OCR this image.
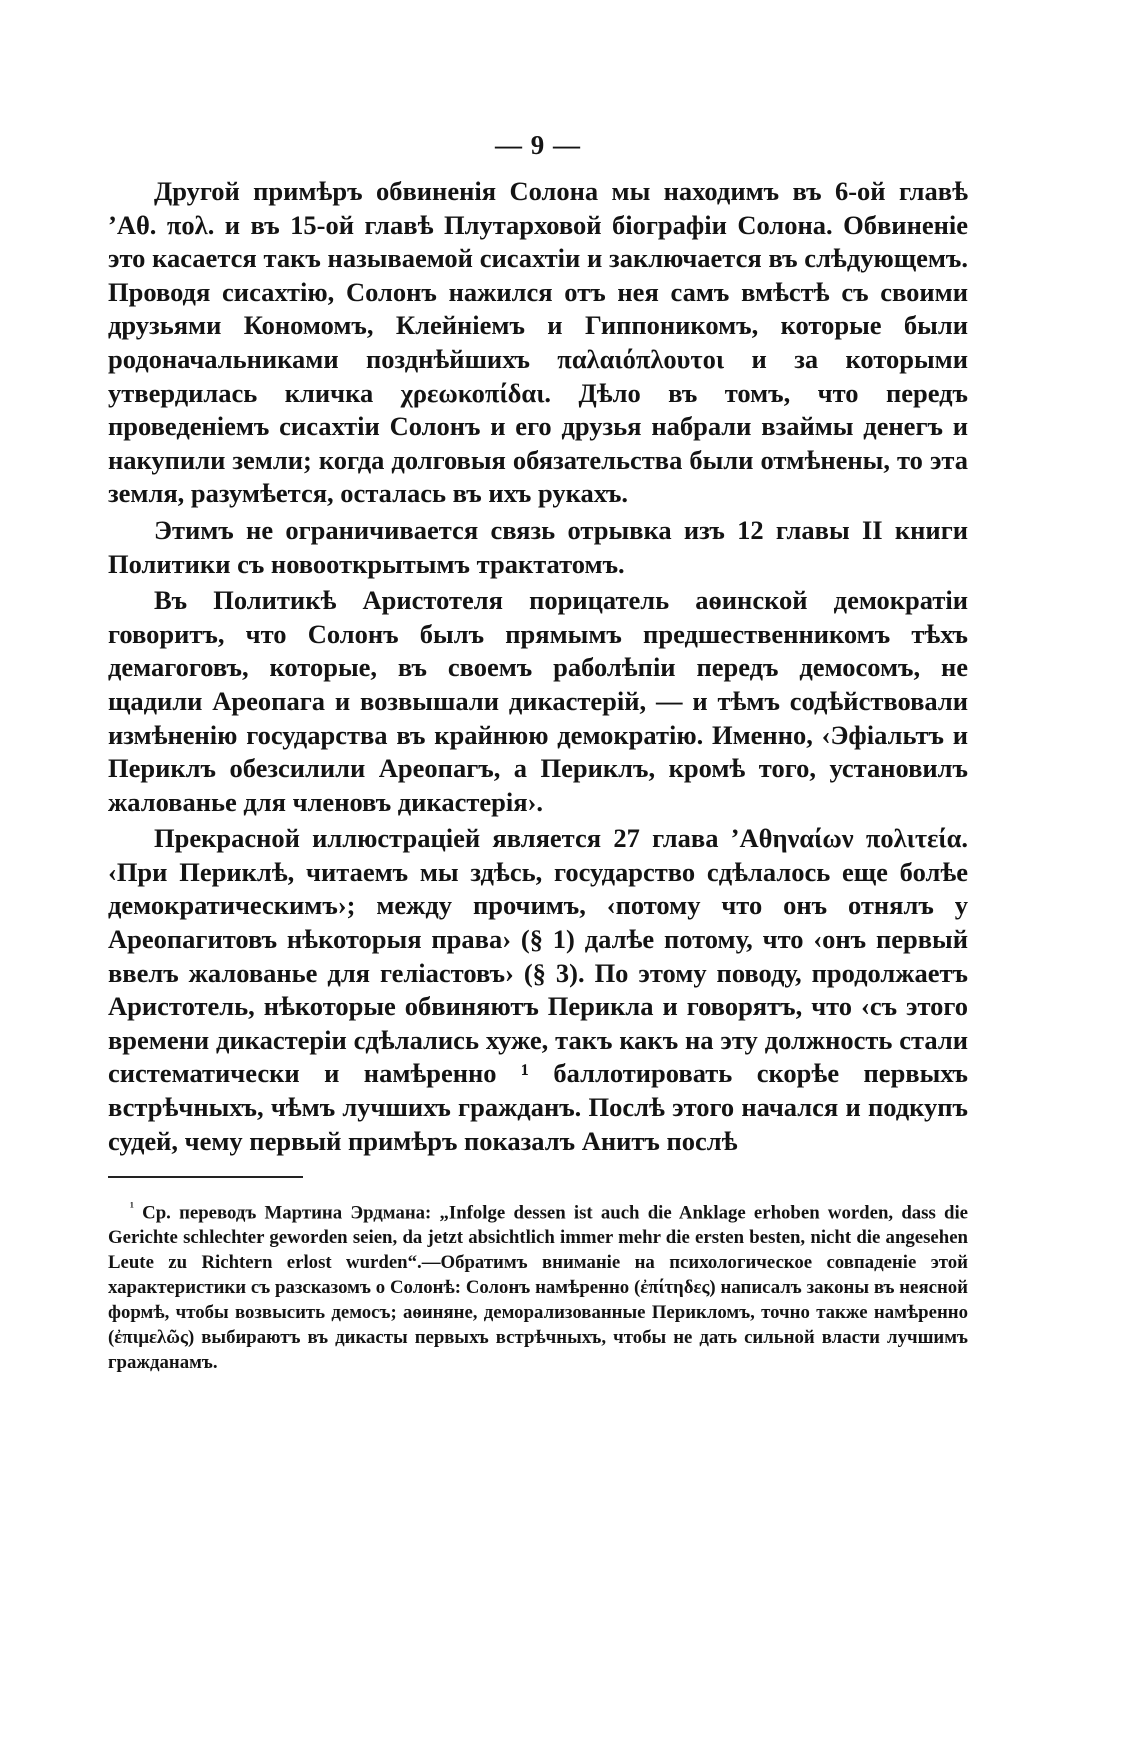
— 9 —

Другой примѣръ обвиненія Солона мы находимъ въ 6-ой главѣ ’Αθ. πολ. и въ 15-ой главѣ Плутарховой біографіи Солона. Обвиненіе это касается такъ называемой сисахтіи и заключается въ слѣдующемъ. Проводя сисахтію, Солонъ нажился отъ нея самъ вмѣстѣ съ своими друзьями Кономомъ, Клейніемъ и Гиппоникомъ, которые были родоначальниками позднѣйшихъ παλαιόπλουτοι и за которыми утвердилась кличка χρεωκοπίδαι. Дѣло въ томъ, что передъ проведеніемъ сисахтіи Солонъ и его друзья набрали взаймы денегъ и накупили земли; когда долговыя обязательства были отмѣнены, то эта земля, разумѣется, осталась въ ихъ рукахъ.

Этимъ не ограничивается связь отрывка изъ 12 главы II книги Политики съ новооткрытымъ трактатомъ.

Въ Политикѣ Аристотеля порицатель аѳинской демократіи говоритъ, что Солонъ былъ прямымъ предшественникомъ тѣхъ демагоговъ, которые, въ своемъ раболѣпіи передъ демосомъ, не щадили Ареопага и возвышали дикастерій, — и тѣмъ содѣйствовали измѣненію государства въ крайнюю демократію. Именно, ‹Эфіальтъ и Периклъ обезсилили Ареопагъ, а Периклъ, кромѣ того, установилъ жалованье для членовъ дикастерія›.

Прекрасной иллюстраціей является 27 глава ’Αθηναίων πολιτεία. ‹При Периклѣ, читаемъ мы здѣсь, государство сдѣлалось еще болѣе демократическимъ›; между прочимъ, ‹потому что онъ отнялъ у Ареопагитовъ нѣкоторыя права› (§ 1) далѣе потому, что ‹онъ первый ввелъ жалованье для геліастовъ› (§ 3). По этому поводу, продолжаетъ Аристотель, нѣкоторые обвиняютъ Перикла и говорятъ, что ‹съ этого времени дикастеріи сдѣлались хуже, такъ какъ на эту должность стали систематически и намѣренно ¹ баллотировать скорѣе первыхъ встрѣчныхъ, чѣмъ лучшихъ гражданъ. Послѣ этого начался и подкупъ судей, чему первый примѣръ показалъ Анитъ послѣ

$^{^1}$ Ср. переводъ Мартина Эрдмана: „Infolge dessen ist auch die Anklage erhoben worden, dass die Gerichte schlechter geworden seien, da jetzt absichtlich immer mehr die ersten besten, nicht die angesehen Leute zu Richtern erlost wurden“.—Обратимъ вниманіе на психологическое совпаденіе этой характеристики съ разсказомъ о Солонѣ: Солонъ намѣренно (ἐπίτηδες) написалъ законы въ неясной формѣ, чтобы возвысить демосъ; аѳиняне, деморализованные Перикломъ, точно также намѣренно (ἐπιμελῶς) выбираютъ въ дикасты первыхъ встрѣчныхъ, чтобы не дать сильной власти лучшимъ гражданамъ.
